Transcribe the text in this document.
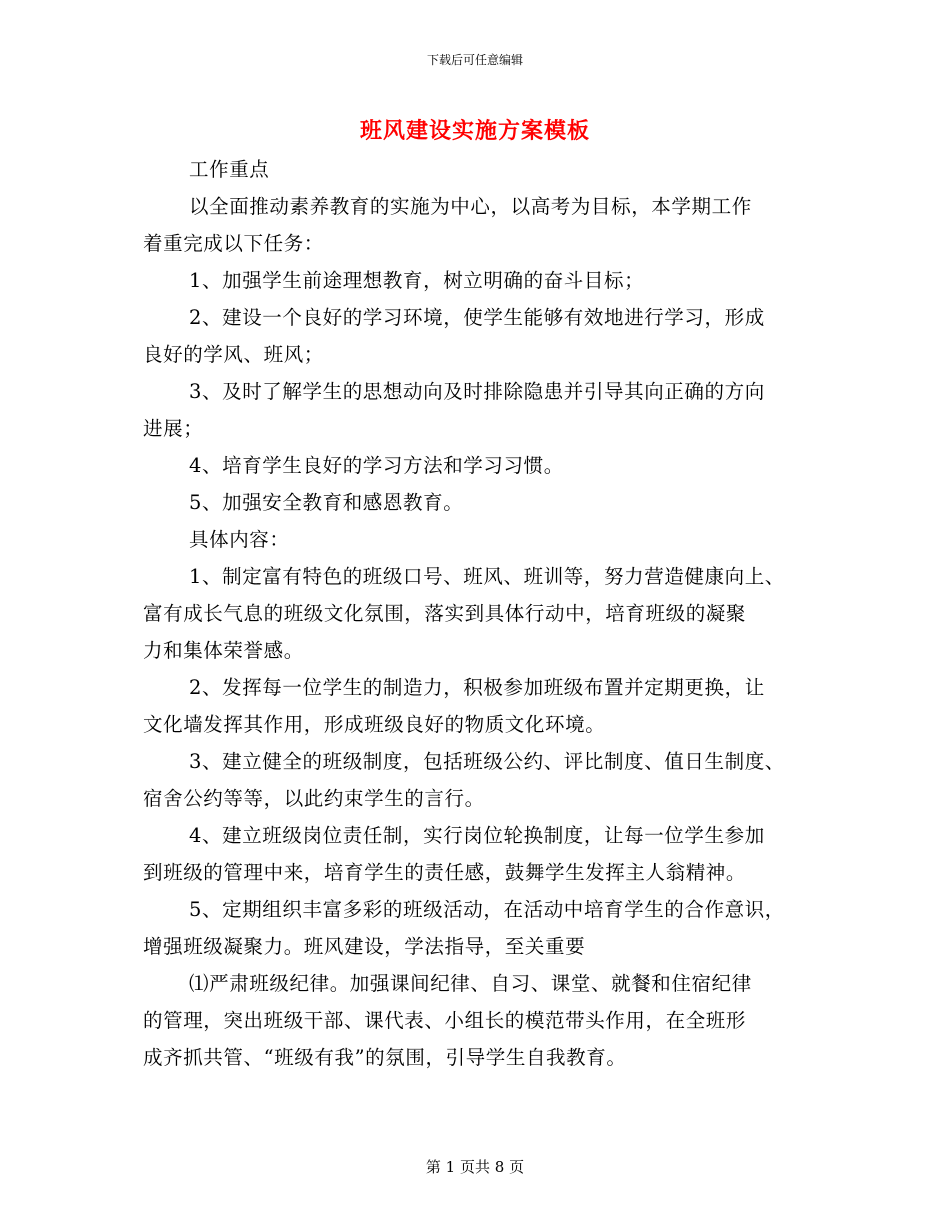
下载后可任意编辑
班风建设实施方案模板

工作重点

以全面推动素养教育的实施为中心，以高考为目标，本学期工作
着重完成以下任务：

1、加强学生前途理想教育，树立明确的奋斗目标；

2、建设一个良好的学习环境，使学生能够有效地进行学习，形成
良好的学风、班风；

3、及时了解学生的思想动向及时排除隐患并引导其向正确的方向
进展；

4、培育学生良好的学习方法和学习习惯。

5、加强安全教育和感恩教育。

具体内容：

1、制定富有特色的班级口号、班风、班训等，努力营造健康向上、
富有成长气息的班级文化氛围，落实到具体行动中，培育班级的凝聚
力和集体荣誉感。

2、发挥每一位学生的制造力，积极参加班级布置并定期更换，让
文化墙发挥其作用，形成班级良好的物质文化环境。

3、建立健全的班级制度，包括班级公约、评比制度、值日生制度、
宿舍公约等等，以此约束学生的言行。

4、建立班级岗位责任制，实行岗位轮换制度，让每一位学生参加
到班级的管理中来，培育学生的责任感，鼓舞学生发挥主人翁精神。

5、定期组织丰富多彩的班级活动，在活动中培育学生的合作意识，
增强班级凝聚力。班风建设，学法指导，至关重要

⑴严肃班级纪律。加强课间纪律、自习、课堂、就餐和住宿纪律
的管理，突出班级干部、课代表、小组长的模范带头作用，在全班形
成齐抓共管、“班级有我”的氛围，引导学生自我教育。

第 1 页共 8 页
